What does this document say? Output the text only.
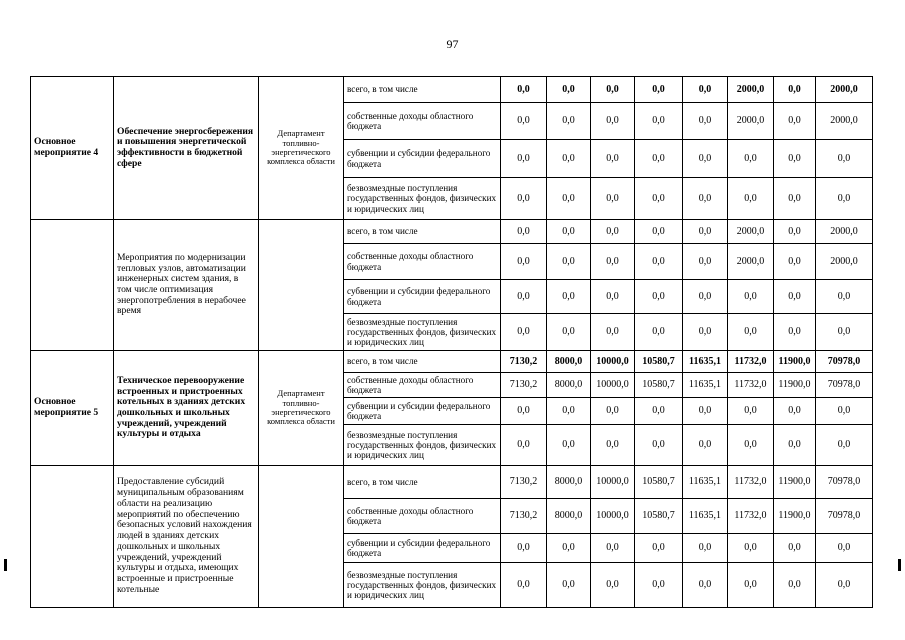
97
Основное мероприятие 4	Обеспечение энергосбережения и повышения энергетической эффективности в бюджетной сфере	Департамент топливно-энергетического комплекса области	всего, в том числе	0,0	0,0	0,0	0,0	0,0	2000,0	0,0	2000,0
			собственные доходы областного бюджета	0,0	0,0	0,0	0,0	0,0	2000,0	0,0	2000,0
			субвенции и субсидии федерального бюджета	0,0	0,0	0,0	0,0	0,0	0,0	0,0	0,0
			безвозмездные поступления государственных фондов, физических и юридических лиц	0,0	0,0	0,0	0,0	0,0	0,0	0,0	0,0
	Мероприятия по модернизации тепловых узлов, автоматизации инженерных систем здания, в том числе оптимизация энергопотребления в нерабочее время		всего, в том числе	0,0	0,0	0,0	0,0	0,0	2000,0	0,0	2000,0
			собственные доходы областного бюджета	0,0	0,0	0,0	0,0	0,0	2000,0	0,0	2000,0
			субвенции и субсидии федерального бюджета	0,0	0,0	0,0	0,0	0,0	0,0	0,0	0,0
			безвозмездные поступления государственных фондов, физических и юридических лиц	0,0	0,0	0,0	0,0	0,0	0,0	0,0	0,0
Основное мероприятие 5	Техническое перевооружение встроенных и пристроенных котельных в зданиях детских дошкольных и школьных учреждений, учреждений культуры и отдыха	Департамент топливно-энергетического комплекса области	всего, в том числе	7130,2	8000,0	10000,0	10580,7	11635,1	11732,0	11900,0	70978,0
			собственные доходы областного бюджета	7130,2	8000,0	10000,0	10580,7	11635,1	11732,0	11900,0	70978,0
			субвенции и субсидии федерального бюджета	0,0	0,0	0,0	0,0	0,0	0,0	0,0	0,0
			безвозмездные поступления государственных фондов, физических и юридических лиц	0,0	0,0	0,0	0,0	0,0	0,0	0,0	0,0
	Предоставление субсидий муниципальным образованиям области на реализацию мероприятий по обеспечению безопасных условий нахождения людей в зданиях детских дошкольных и школьных учреждений, учреждений культуры и отдыха, имеющих встроенные и пристроенные котельные		всего, в том числе	7130,2	8000,0	10000,0	10580,7	11635,1	11732,0	11900,0	70978,0
			собственные доходы областного бюджета	7130,2	8000,0	10000,0	10580,7	11635,1	11732,0	11900,0	70978,0
			субвенции и субсидии федерального бюджета	0,0	0,0	0,0	0,0	0,0	0,0	0,0	0,0
			безвозмездные поступления государственных фондов, физических и юридических лиц	0,0	0,0	0,0	0,0	0,0	0,0	0,0	0,0
